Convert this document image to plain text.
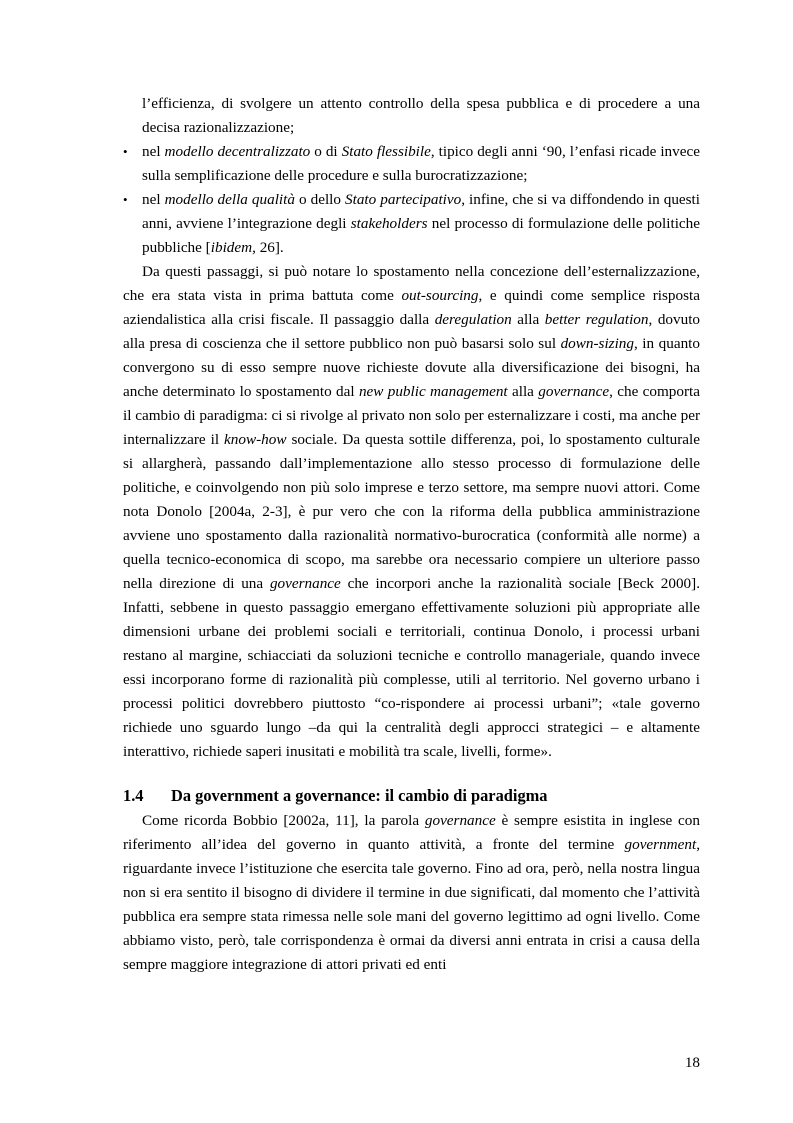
l’efficienza, di svolgere un attento controllo della spesa pubblica e di procedere a una decisa razionalizzazione;

• nel modello decentralizzato o di Stato flessibile, tipico degli anni ‘90, l’enfasi ricade invece sulla semplificazione delle procedure e sulla burocratizzazione;

• nel modello della qualità o dello Stato partecipativo, infine, che si va diffondendo in questi anni, avviene l’integrazione degli stakeholders nel processo di formulazione delle politiche pubbliche [ibidem, 26].

Da questi passaggi, si può notare lo spostamento nella concezione dell’esternalizzazione, che era stata vista in prima battuta come out-sourcing, e quindi come semplice risposta aziendalistica alla crisi fiscale. Il passaggio dalla deregulation alla better regulation, dovuto alla presa di coscienza che il settore pubblico non può basarsi solo sul down-sizing, in quanto convergono su di esso sempre nuove richieste dovute alla diversificazione dei bisogni, ha anche determinato lo spostamento dal new public management alla governance, che comporta il cambio di paradigma: ci si rivolge al privato non solo per esternalizzare i costi, ma anche per internalizzare il know-how sociale. Da questa sottile differenza, poi, lo spostamento culturale si allargherà, passando dall’implementazione allo stesso processo di formulazione delle politiche, e coinvolgendo non più solo imprese e terzo settore, ma sempre nuovi attori. Come nota Donolo [2004a, 2-3], è pur vero che con la riforma della pubblica amministrazione avviene uno spostamento dalla razionalità normativo-burocratica (conformità alle norme) a quella tecnico-economica di scopo, ma sarebbe ora necessario compiere un ulteriore passo nella direzione di una governance che incorpori anche la razionalità sociale [Beck 2000]. Infatti, sebbene in questo passaggio emergano effettivamente soluzioni più appropriate alle dimensioni urbane dei problemi sociali e territoriali, continua Donolo, i processi urbani restano al margine, schiacciati da soluzioni tecniche e controllo manageriale, quando invece essi incorporano forme di razionalità più complesse, utili al territorio. Nel governo urbano i processi politici dovrebbero piuttosto “co-rispondere ai processi urbani”; «tale governo richiede uno sguardo lungo –da qui la centralità degli approcci strategici – e altamente interattivo, richiede saperi inusitati e mobilità tra scale, livelli, forme».

1.4	Da government a governance: il cambio di paradigma

Come ricorda Bobbio [2002a, 11], la parola governance è sempre esistita in inglese con riferimento all’idea del governo in quanto attività, a fronte del termine government, riguardante invece l’istituzione che esercita tale governo. Fino ad ora, però, nella nostra lingua non si era sentito il bisogno di dividere il termine in due significati, dal momento che l’attività pubblica era sempre stata rimessa nelle sole mani del governo legittimo ad ogni livello. Come abbiamo visto, però, tale corrispondenza è ormai da diversi anni entrata in crisi a causa della sempre maggiore integrazione di attori privati ed enti

18
